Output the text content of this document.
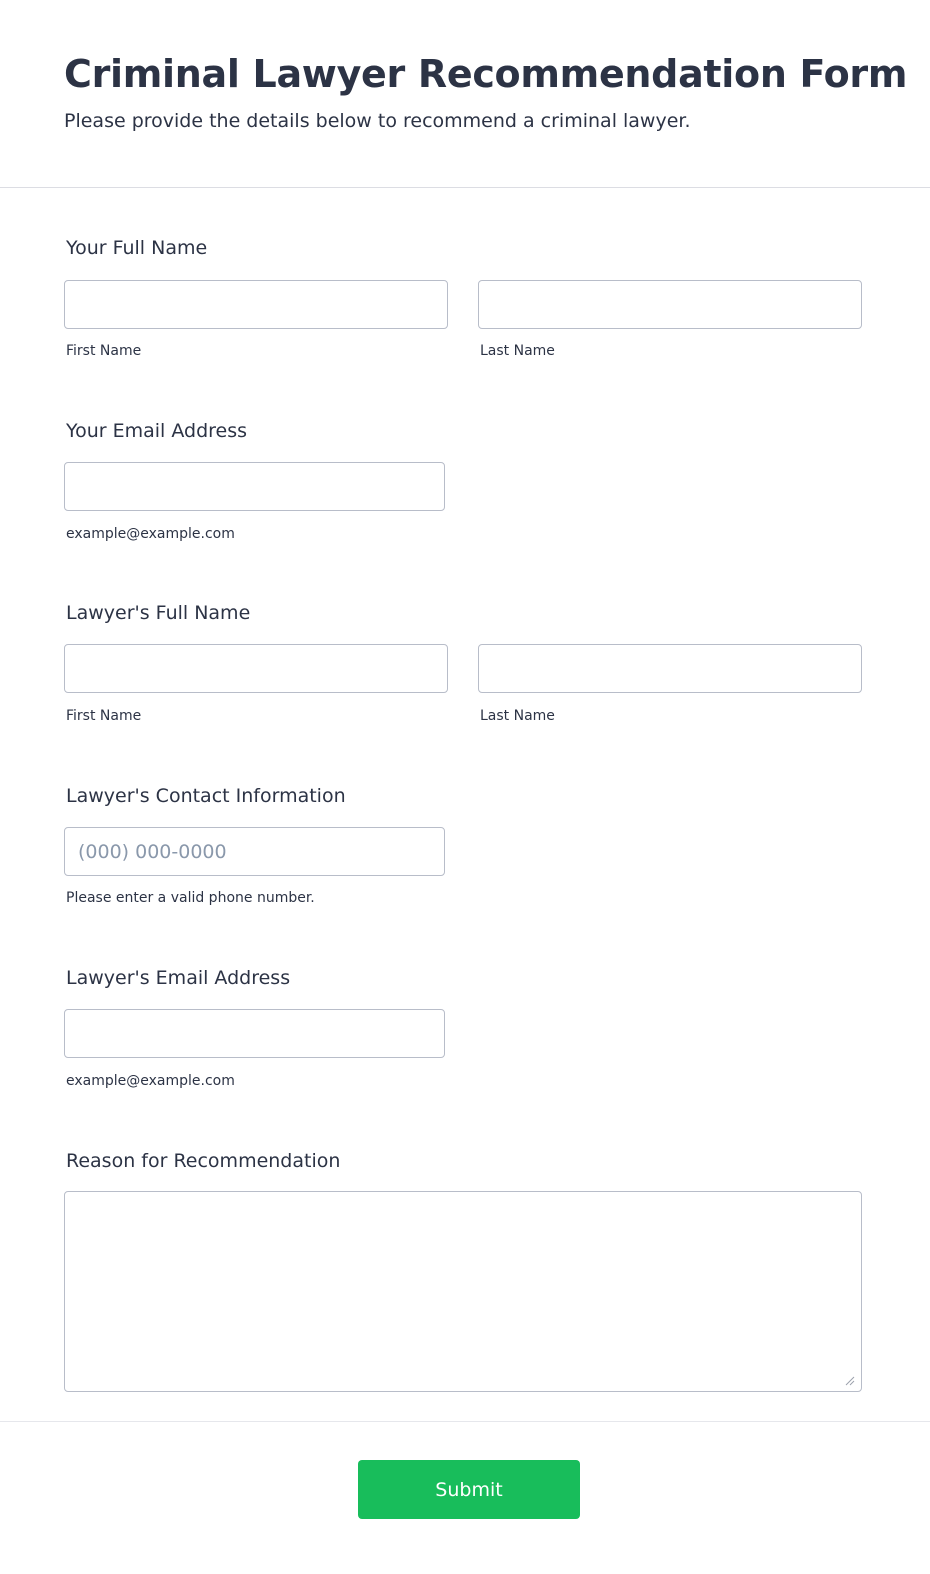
Criminal Lawyer Recommendation Form

Please provide the details below to recommend a criminal lawyer.

Your Full Name
First Name	Last Name
Your Email Address
example@example.com
Lawyer's Full Name
First Name	Last Name
Lawyer's Contact Information
(000) 000-0000
Please enter a valid phone number.
Lawyer's Email Address
example@example.com
Reason for Recommendation
Submit
